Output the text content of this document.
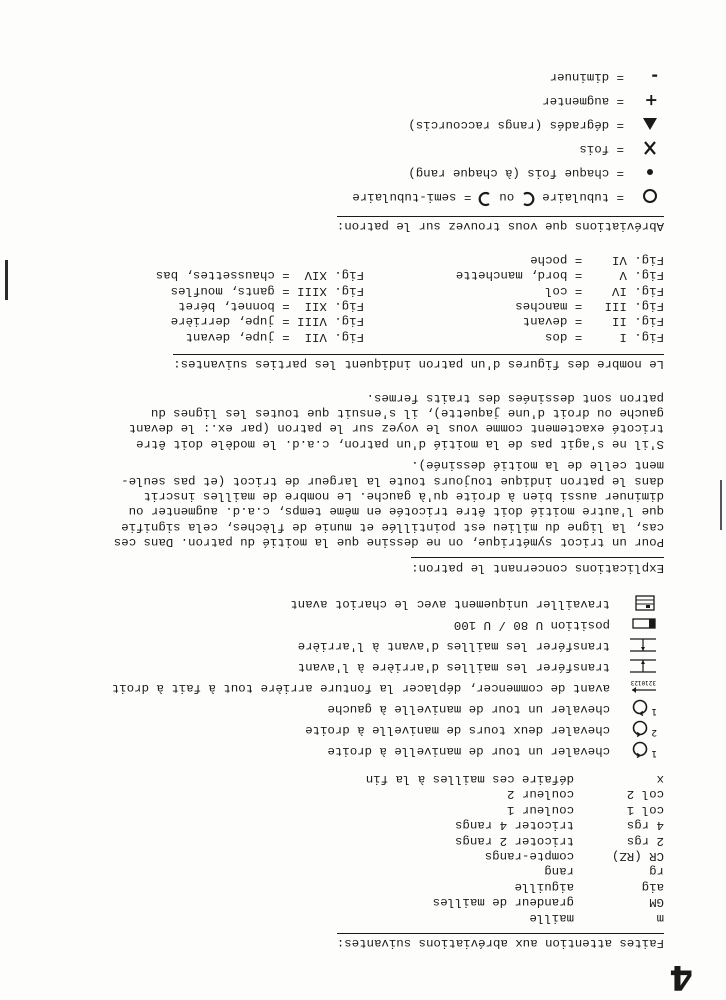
4
Faites attention aux abréviations suivantes:
m
maille
GM
grandeur de mailles
aig
aiguille
rg
rang
CR (RZ)
compte-rangs
2 rgs
tricoter 2 rangs
4 rgs
tricoter 4 rangs
col 1
couleur 1
col 2
couleur 2
x
défaire ces mailles à la fin
1
chevaler un tour de manivelle à droite
2
chevaler deux tours de manivelle à droite
1
chevaler un tour de manivelle à gauche
3210123
avant de commencer, déplacer la fonture arrière tout à fait à droit
transférer les mailles d'arrière à l'avant
transférer les mailles d'avant à l'arrière
position U 80 / U 100
travailler uniquement avec le chariot avant
Explications concernant le patron:
Pour un tricot symétrique, on ne dessine que la moitié du patron. Dans ces
cas, la ligne du milieu est pointillée et munie de flèches, cela signifie
que l'autre moitié doit être tricotée en même temps, c.a.d. augmenter ou
diminuer aussi bien à droite qu'à gauche. Le nombre de mailles inscrit
dans le patron indique toujours toute la largeur de tricot (et pas seule-
ment celle de la moitié dessinée).
S'il ne s'agit pas de la moitié d'un patron, c.a.d. le modèle doit être
tricoté exactement comme vous le voyez sur le patron (par ex.: le devant
gauche ou droit d'une jaquette), il s'ensuit que toutes les lignes du
patron sont dessinées des traits fermes.
Le nombre des figures d'un patron indiquent les parties suivantes:
Fig. I     = dos
Fig. II    = devant
Fig. III   = manches
Fig. IV    = col
Fig. V     = bord, manchette
Fig. VI    = poche
Fig. VII  = jupe, devant
Fig. VIII = jupe, derrière
Fig. XII  = bonnet, béret
Fig. XIII = gants, moufles
Fig. XIV  = chaussettes, bas
Abréviations que vous trouvez sur le patron:
= tubulaire
ou
= semi-tubulaire
= chaque fois (à chaque rang)
= fois
= dégradés (rangs raccourcis)
+
= augmenter
-
= diminuer
